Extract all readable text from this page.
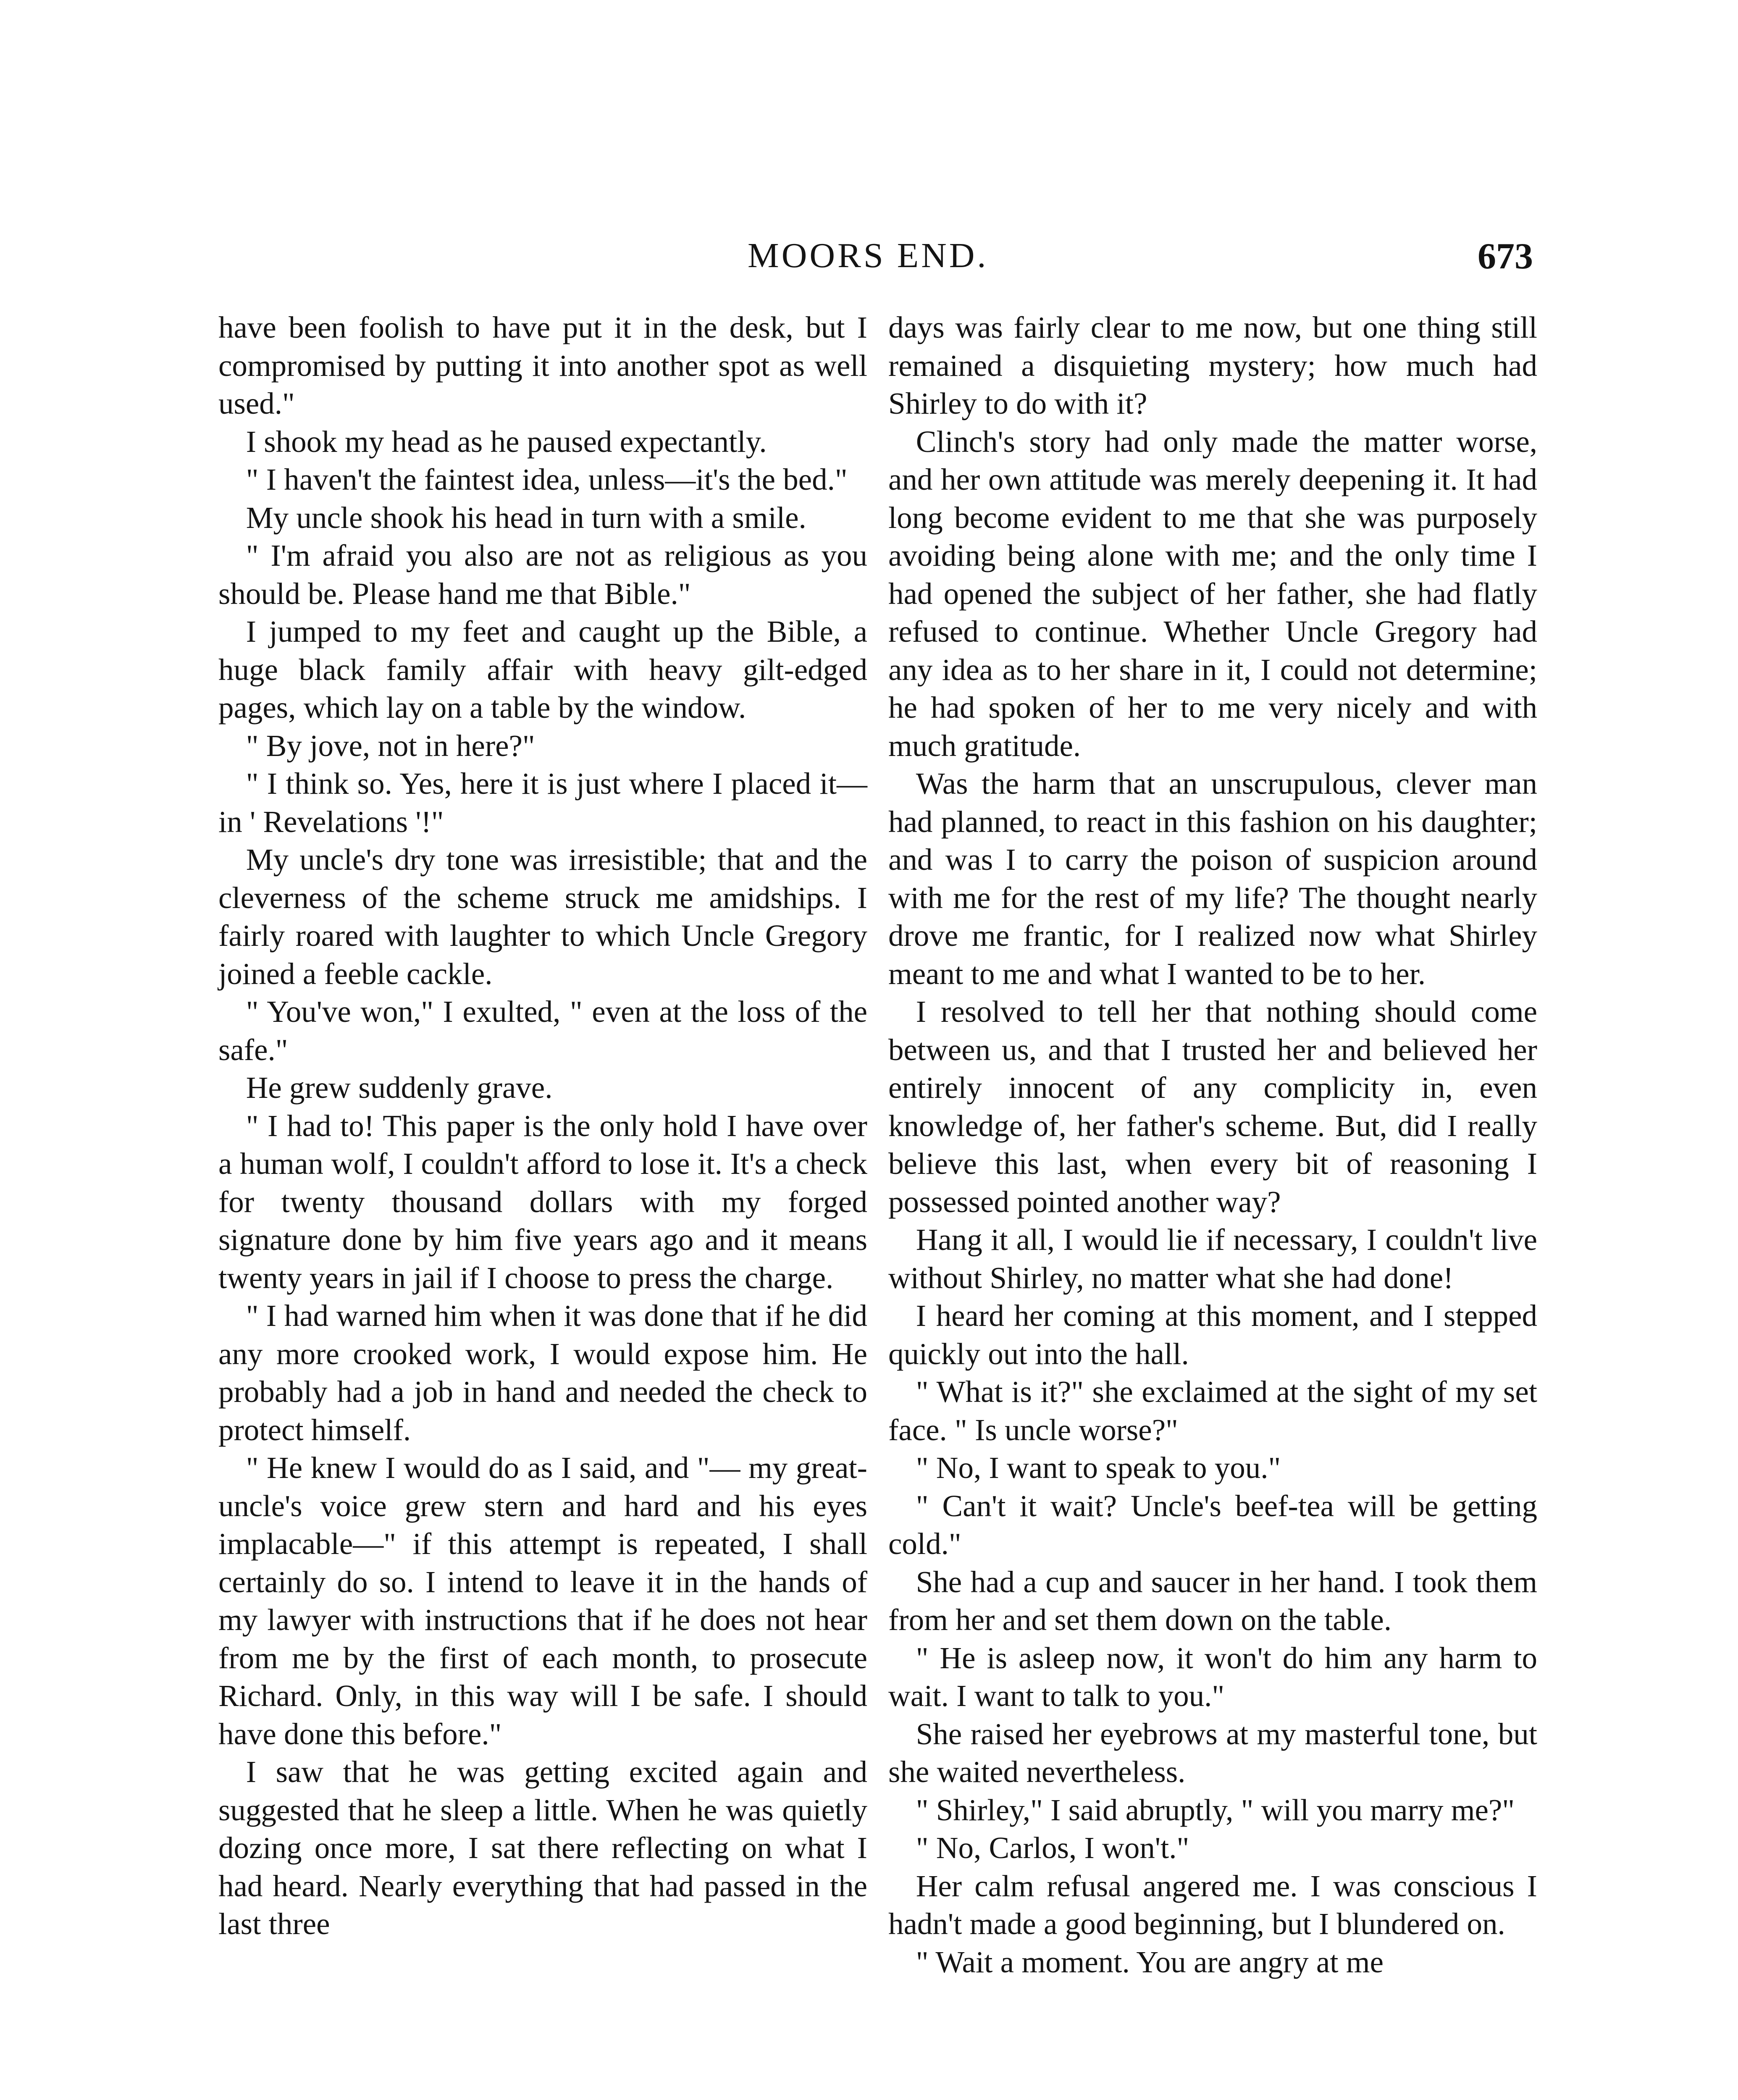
MOORS END.	673

have been foolish to have put it in the desk, but I compromised by putting it into another spot as well used."

I shook my head as he paused expectantly.

" I haven't the faintest idea, unless—it's the bed."

My uncle shook his head in turn with a smile.

" I'm afraid you also are not as religious as you should be. Please hand me that Bible."

I jumped to my feet and caught up the Bible, a huge black family affair with heavy gilt-edged pages, which lay on a table by the window.

" By jove, not in here?"

" I think so. Yes, here it is just where I placed it—in ' Revelations '!"

My uncle's dry tone was irresistible; that and the cleverness of the scheme struck me amidships. I fairly roared with laughter to which Uncle Gregory joined a feeble cackle.

" You've won," I exulted, " even at the loss of the safe."

He grew suddenly grave.

" I had to! This paper is the only hold I have over a human wolf, I couldn't afford to lose it. It's a check for twenty thousand dollars with my forged signature done by him five years ago and it means twenty years in jail if I choose to press the charge.

" I had warned him when it was done that if he did any more crooked work, I would expose him. He probably had a job in hand and needed the check to protect himself.

" He knew I would do as I said, and "— my great-uncle's voice grew stern and hard and his eyes implacable—" if this attempt is repeated, I shall certainly do so. I intend to leave it in the hands of my lawyer with instructions that if he does not hear from me by the first of each month, to prosecute Richard. Only, in this way will I be safe. I should have done this before."

I saw that he was getting excited again and suggested that he sleep a little. When he was quietly dozing once more, I sat there reflecting on what I had heard. Nearly everything that had passed in the last three

days was fairly clear to me now, but one thing still remained a disquieting mystery; how much had Shirley to do with it?

Clinch's story had only made the matter worse, and her own attitude was merely deepening it. It had long become evident to me that she was purposely avoiding being alone with me; and the only time I had opened the subject of her father, she had flatly refused to continue. Whether Uncle Gregory had any idea as to her share in it, I could not determine; he had spoken of her to me very nicely and with much gratitude.

Was the harm that an unscrupulous, clever man had planned, to react in this fashion on his daughter; and was I to carry the poison of suspicion around with me for the rest of my life? The thought nearly drove me frantic, for I realized now what Shirley meant to me and what I wanted to be to her.

I resolved to tell her that nothing should come between us, and that I trusted her and believed her entirely innocent of any complicity in, even knowledge of, her father's scheme. But, did I really believe this last, when every bit of reasoning I possessed pointed another way?

Hang it all, I would lie if necessary, I couldn't live without Shirley, no matter what she had done!

I heard her coming at this moment, and I stepped quickly out into the hall.

" What is it?" she exclaimed at the sight of my set face. " Is uncle worse?"

" No, I want to speak to you."

" Can't it wait? Uncle's beef-tea will be getting cold."

She had a cup and saucer in her hand. I took them from her and set them down on the table.

" He is asleep now, it won't do him any harm to wait. I want to talk to you."

She raised her eyebrows at my masterful tone, but she waited nevertheless.

" Shirley," I said abruptly, " will you marry me?"

" No, Carlos, I won't."

Her calm refusal angered me. I was conscious I hadn't made a good beginning, but I blundered on.

" Wait a moment. You are angry at me
